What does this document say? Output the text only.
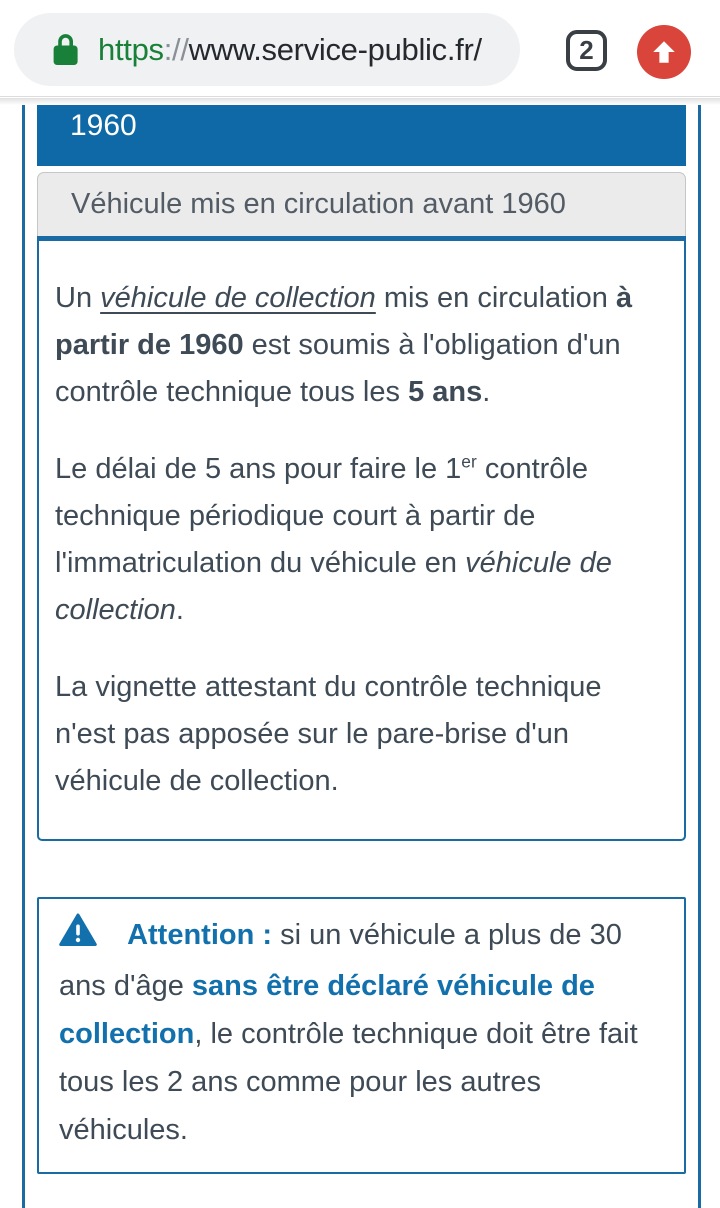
https://www.service-public.fr/	2
1960
Véhicule mis en circulation avant 1960

Un véhicule de collection mis en circulation à partir de 1960 est soumis à l'obligation d'un contrôle technique tous les 5 ans.

Le délai de 5 ans pour faire le 1er contrôle technique périodique court à partir de l'immatriculation du véhicule en véhicule de collection.

La vignette attestant du contrôle technique n'est pas apposée sur le pare-brise d'un véhicule de collection.

Attention : si un véhicule a plus de 30 ans d'âge sans être déclaré véhicule de collection, le contrôle technique doit être fait tous les 2 ans comme pour les autres véhicules.
